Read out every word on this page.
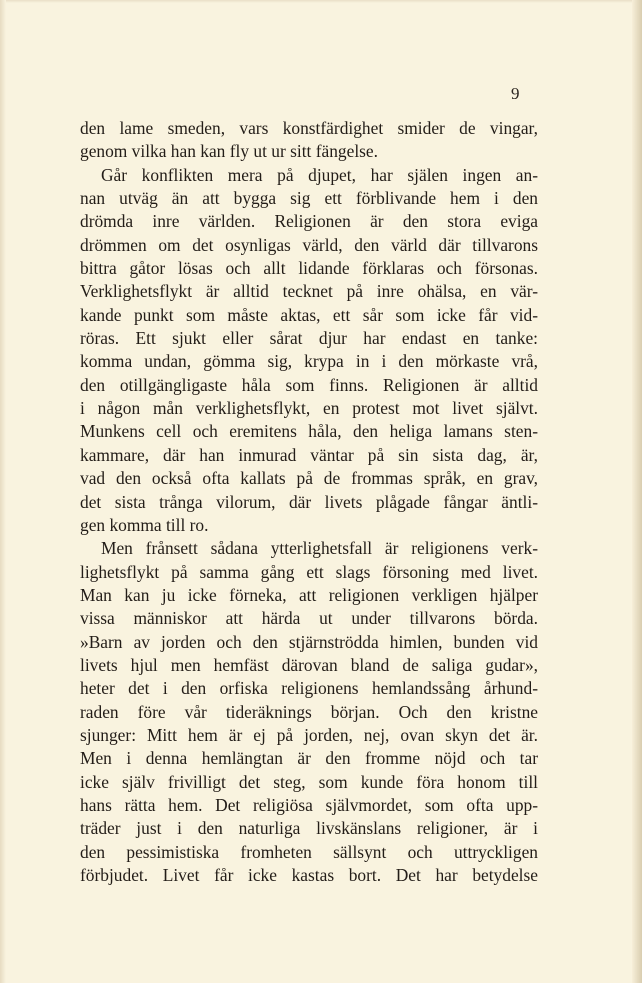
9
den lame smeden, vars konstfärdighet smider de vingar,
genom vilka han kan fly ut ur sitt fängelse.
Går konflikten mera på djupet, har själen ingen an-
nan utväg än att bygga sig ett förblivande hem i den
drömda inre världen. Religionen är den stora eviga
drömmen om det osynligas värld, den värld där tillvarons
bittra gåtor lösas och allt lidande förklaras och försonas.
Verklighetsflykt är alltid tecknet på inre ohälsa, en vär-
kande punkt som måste aktas, ett sår som icke får vid-
röras. Ett sjukt eller sårat djur har endast en tanke:
komma undan, gömma sig, krypa in i den mörkaste vrå,
den otillgängligaste håla som finns. Religionen är alltid
i någon mån verklighetsflykt, en protest mot livet självt.
Munkens cell och eremitens håla, den heliga lamans sten-
kammare, där han inmurad väntar på sin sista dag, är,
vad den också ofta kallats på de frommas språk, en grav,
det sista trånga vilorum, där livets plågade fångar äntli-
gen komma till ro.
Men frånsett sådana ytterlighetsfall är religionens verk-
lighetsflykt på samma gång ett slags försoning med livet.
Man kan ju icke förneka, att religionen verkligen hjälper
vissa människor att härda ut under tillvarons börda.
»Barn av jorden och den stjärnströdda himlen, bunden vid
livets hjul men hemfäst därovan bland de saliga gudar»,
heter det i den orfiska religionens hemlandssång århund-
raden före vår tideräknings början. Och den kristne
sjunger: Mitt hem är ej på jorden, nej, ovan skyn det är.
Men i denna hemlängtan är den fromme nöjd och tar
icke själv frivilligt det steg, som kunde föra honom till
hans rätta hem. Det religiösa självmordet, som ofta upp-
träder just i den naturliga livskänslans religioner, är i
den pessimistiska fromheten sällsynt och uttryckligen
förbjudet. Livet får icke kastas bort. Det har betydelse
